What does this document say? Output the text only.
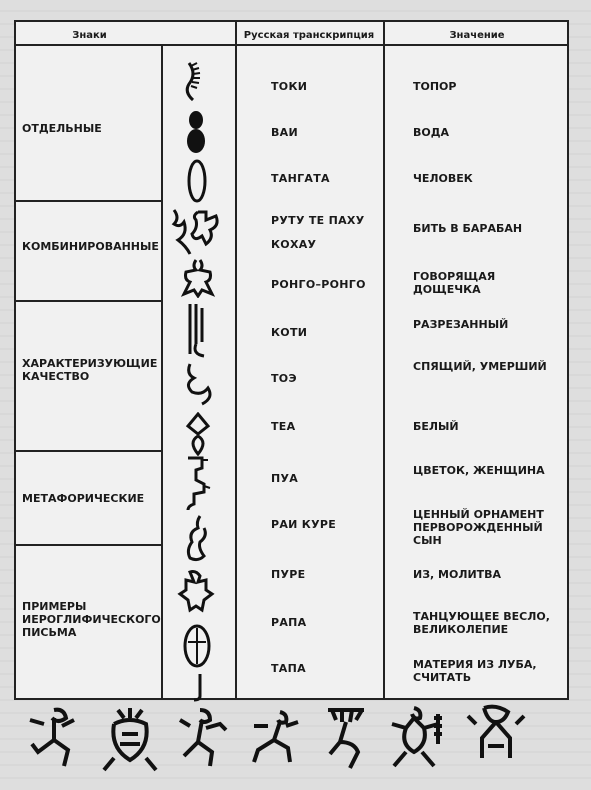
Знаки	Русская транскрипция	Значение
ОТДЕЛЬНЫЕ
КОМБИНИРОВАННЫЕ
ХАРАКТЕРИЗУЮЩИЕ КАЧЕСТВО
МЕТАФОРИЧЕСКИЕ
ПРИМЕРЫ ИЕРОГЛИФИЧЕСКОГО ПИСЬМА
ТОКИ
ВАИ
ТАНГАТА
РУТУ ТЕ ПАХУ
КОХАУ
РОНГО–РОНГО
КОТИ
ТОЭ
ТЕА
ПУА
РАИ КУРЕ
ПУРЕ
РАПА
ТАПА
ТОПОР
ВОДА
ЧЕЛОВЕК
БИТЬ В БАРАБАН
ГОВОРЯЩАЯ ДОЩЕЧКА
РАЗРЕЗАННЫЙ
СПЯЩИЙ, УМЕРШИЙ
БЕЛЫЙ
ЦВЕТОК, ЖЕНЩИНА
ЦЕННЫЙ ОРНАМЕНТ ПЕРВОРОЖДЕННЫЙ СЫН
ИЗ, МОЛИТВА
ТАНЦУЮЩЕЕ ВЕСЛО, ВЕЛИКОЛЕПИЕ
МАТЕРИЯ ИЗ ЛУБА, СЧИТАТЬ
